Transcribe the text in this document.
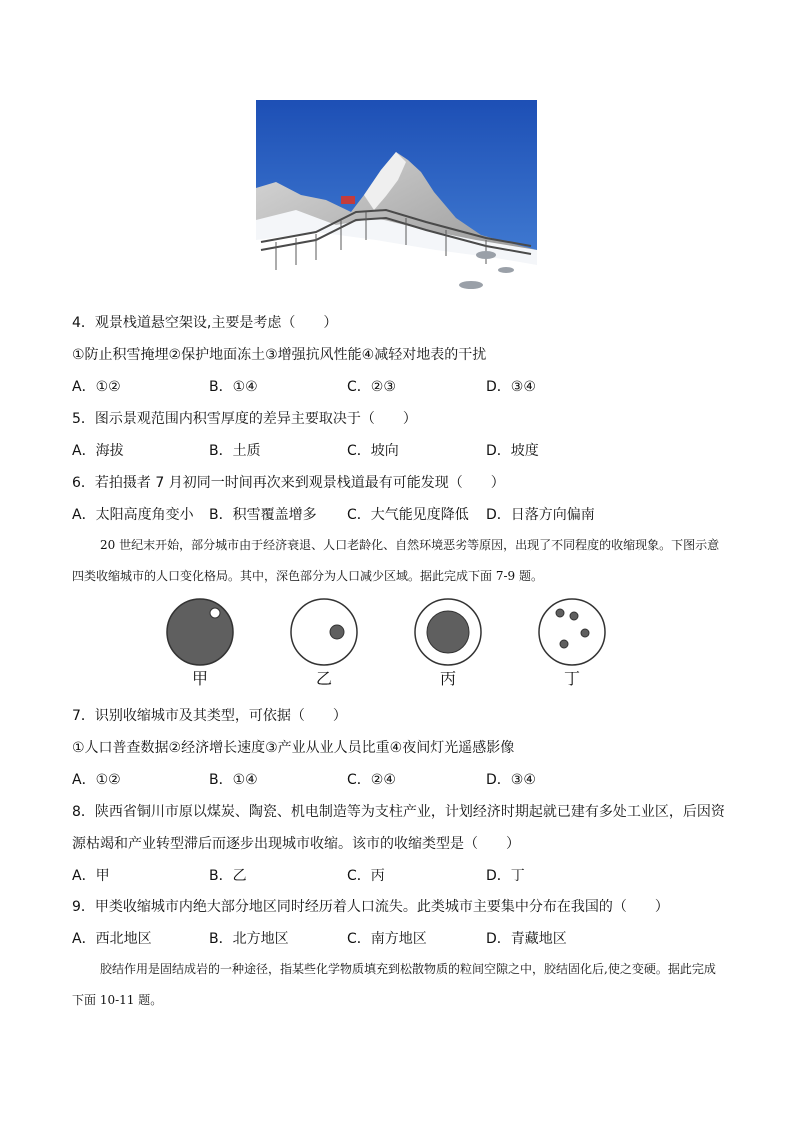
4．观景栈道悬空架设,主要是考虑（　　）
①防止积雪掩埋②保护地面冻土③增强抗风性能④减轻对地表的干扰
A．①②	B．①④	C．②③	D．③④
5．图示景观范围内积雪厚度的差异主要取决于（　　）
A．海拔	B．土质	C．坡向	D．坡度
6．若拍摄者 7 月初同一时间再次来到观景栈道最有可能发现（　　）
A．太阳高度角变小 B．积雪覆盖增多 C．大气能见度降低 D．日落方向偏南
20 世纪末开始，部分城市由于经济衰退、人口老龄化、自然环境恶劣等原因，出现了不同程度的收缩现象。下图示意四类收缩城市的人口变化格局。其中，深色部分为人口减少区域。据此完成下面 7-9 题。
甲	乙	丙	丁
7．识别收缩城市及其类型，可依据（　　）
①人口普查数据②经济增长速度③产业从业人员比重④夜间灯光遥感影像
A．①②	B．①④	C．②④	D．③④
8．陕西省铜川市原以煤炭、陶瓷、机电制造等为支柱产业，计划经济时期起就已建有多处工业区，后因资
源枯竭和产业转型滞后而逐步出现城市收缩。该市的收缩类型是（　　）
A．甲	B．乙	C．丙	D．丁
9．甲类收缩城市内绝大部分地区同时经历着人口流失。此类城市主要集中分布在我国的（　　）
A．西北地区	B．北方地区	C．南方地区	D．青藏地区
胶结作用是固结成岩的一种途径，指某些化学物质填充到松散物质的粒间空隙之中，胶结固化后,使之变硬。据此完成下面 10-11 题。
